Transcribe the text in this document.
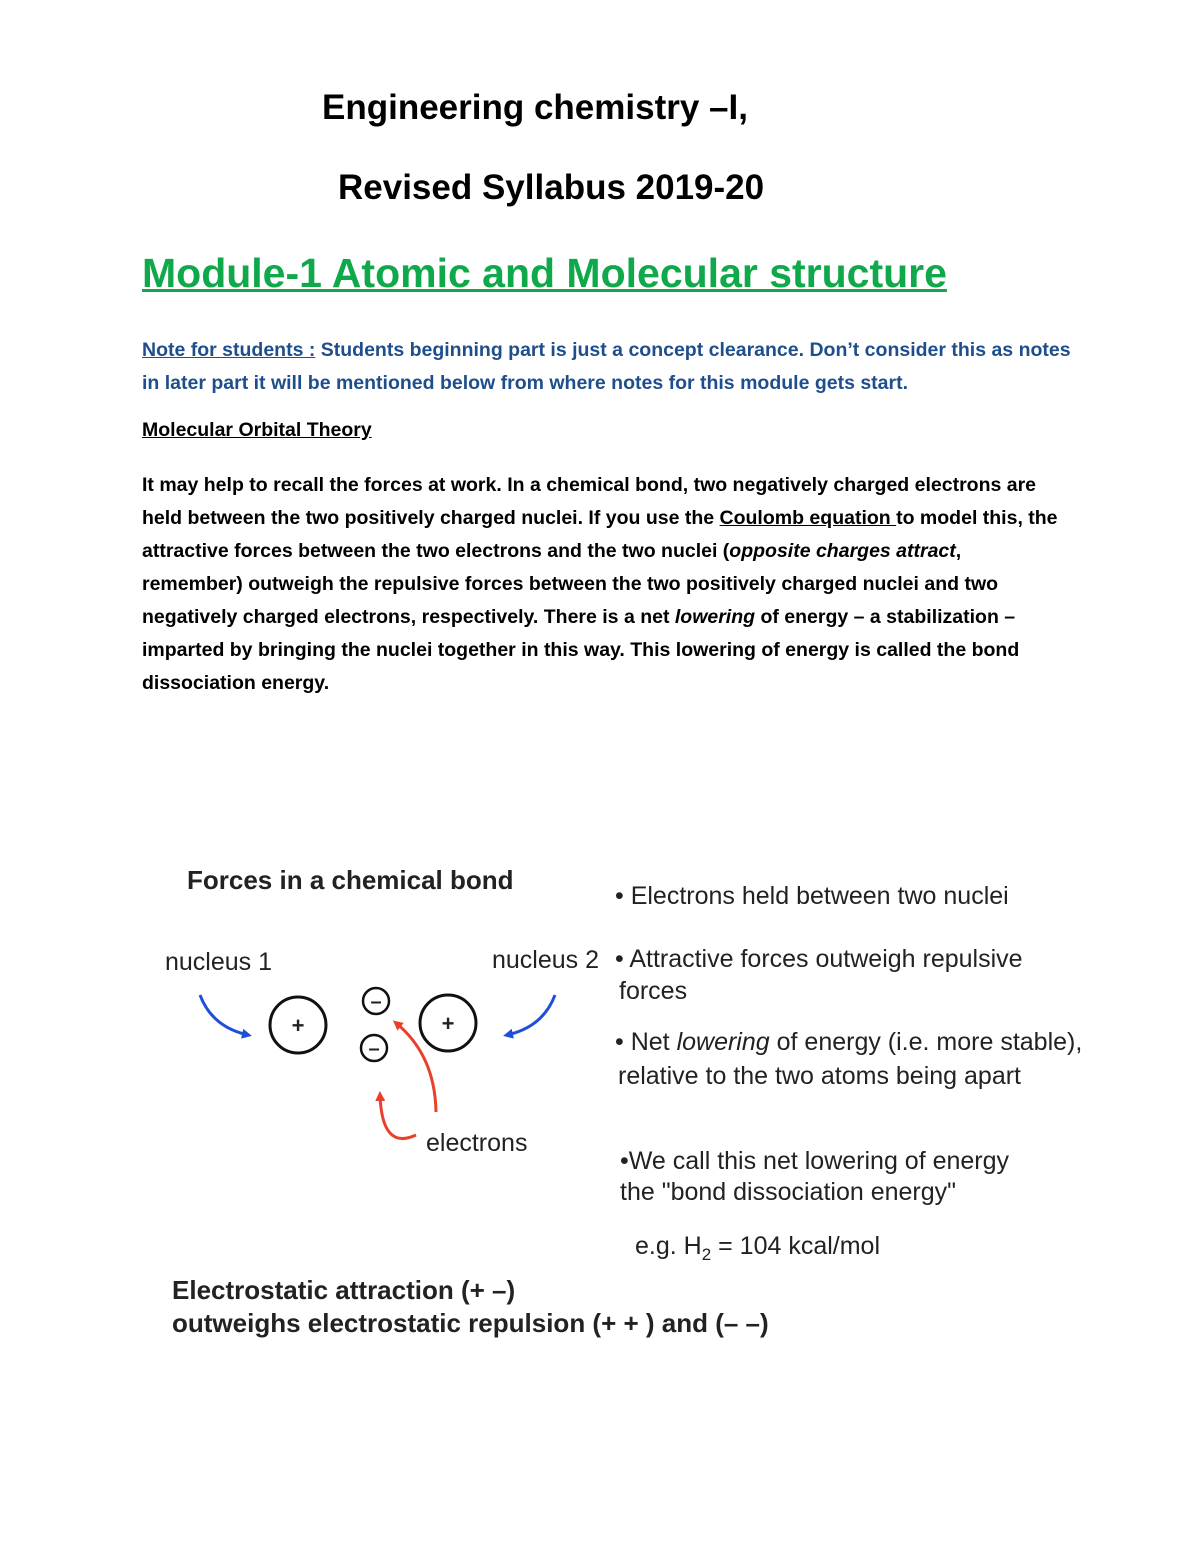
Engineering chemistry –I,
Revised Syllabus 2019-20
Module-1 Atomic and Molecular structure
Note for students : Students beginning part is just a concept clearance. Don’t consider this as notes in later part it will be mentioned below from where notes for this module gets start.
Molecular Orbital Theory
It may help to recall the forces at work. In a chemical bond, two negatively charged electrons are held between the two positively charged nuclei. If you use the Coulomb equation to model this, the attractive forces between the two electrons and the two nuclei (opposite charges attract, remember) outweigh the repulsive forces between the two positively charged nuclei and two negatively charged electrons, respectively. There is a net lowering of energy – a stabilization – imparted by bringing the nuclei together in this way. This lowering of energy is called the bond dissociation energy.
Forces in a chemical bond
nucleus 1	nucleus 2
electrons
+	+
–
–
• Electrons held between two nuclei
• Attractive forces outweigh repulsive
forces
• Net lowering of energy (i.e. more stable),
relative to the two atoms being apart
•We call this net lowering of energy
the "bond dissociation energy"
e.g. $H_2 = 104$ kcal/mol
Electrostatic attraction (+ –)
outweighs electrostatic repulsion (+ + ) and (– –)
